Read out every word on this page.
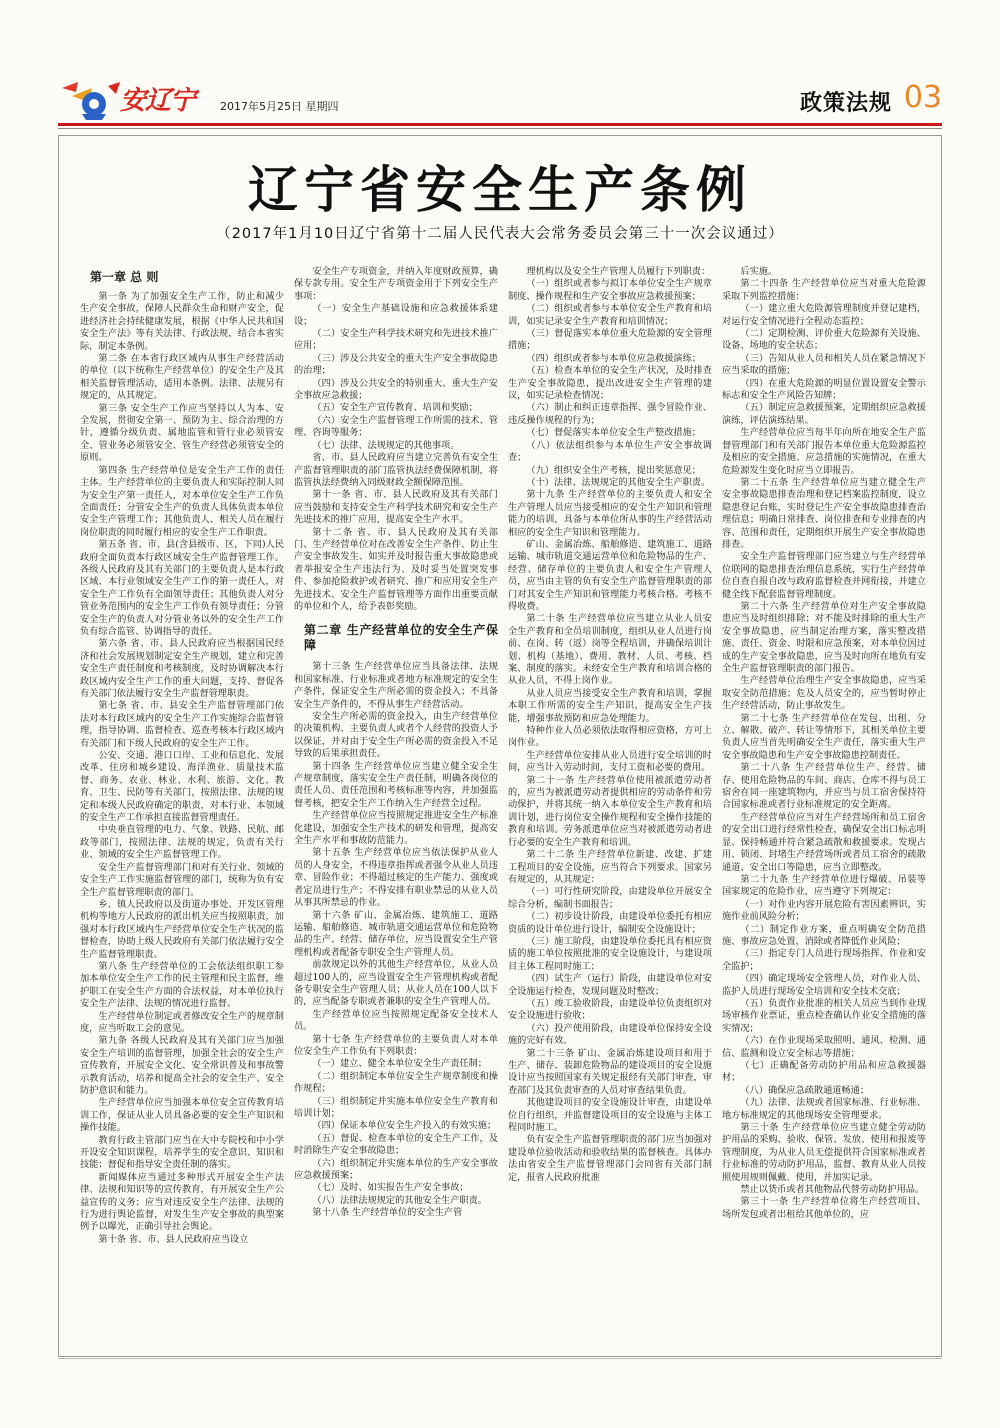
安辽宁 2017年5月25日 星期四	政策法规 03
辽宁省安全生产条例
（2017年1月10日辽宁省第十二届人民代表大会常务委员会第三十一次会议通过）
第一章 总 则

第一条 为了加强安全生产工作，防止和减少生产安全事故，保障人民群众生命和财产安全，促进经济社会持续健康发展，根据《中华人民共和国安全生产法》等有关法律、行政法规，结合本省实际，制定本条例。

第二条 在本省行政区域内从事生产经营活动的单位（以下统称生产经营单位）的安全生产及其相关监督管理活动，适用本条例。法律、法规另有规定的，从其规定。

第三条 安全生产工作应当坚持以人为本、安全发展，贯彻安全第一、预防为主、综合治理的方针，遵循分级负责、属地监管和管行业必须管安全、管业务必须管安全、管生产经营必须管安全的原则。

第四条 生产经营单位是安全生产工作的责任主体。生产经营单位的主要负责人和实际控制人同为安全生产第一责任人，对本单位安全生产工作负全面责任；分管安全生产的负责人具体负责本单位安全生产管理工作；其他负责人、相关人员在履行岗位职责的同时履行相应的安全生产工作职责。

第五条 省、市、县(含县级市、区，下同)人民政府全面负责本行政区域安全生产监督管理工作。各级人民政府及其有关部门的主要负责人是本行政区域、本行业领域安全生产工作的第一责任人，对安全生产工作负有全面领导责任；其他负责人对分管业务范围内的安全生产工作负有领导责任；分管安全生产的负责人对分管业务以外的安全生产工作负有综合监管、协调指导的责任。

第六条 省、市、县人民政府应当根据国民经济和社会发展规划制定安全生产规划，建立和完善安全生产责任制度和考核制度，及时协调解决本行政区域内安全生产工作的重大问题，支持、督促各有关部门依法履行安全生产监督管理职责。

第七条 省、市、县安全生产监督管理部门依法对本行政区域内的安全生产工作实施综合监督管理，指导协调、监督检查、巡查考核本行政区域内有关部门和下级人民政府的安全生产工作。

公安、交通、港口口岸、工业和信息化、发展改革、住房和城乡建设、海洋渔业、质量技术监督、商务、农业、林业、水利、旅游、文化、教育、卫生、民防等有关部门，按照法律、法规的规定和本级人民政府确定的职责，对本行业、本领域的安全生产工作承担直接监督管理责任。

中央垂直管理的电力、气象、铁路、民航、邮政等部门，按照法律、法规的规定，负责有关行业、领域的安全生产监督管理工作。

安全生产监督管理部门和对有关行业、领域的安全生产工作实施监督管理的部门，统称为负有安全生产监督管理职责的部门。

乡、镇人民政府以及街道办事处、开发区管理机构等地方人民政府的派出机关应当按照职责，加强对本行政区域内生产经营单位安全生产状况的监督检查，协助上级人民政府有关部门依法履行安全生产监督管理职责。

第八条 生产经营单位的工会依法组织职工参加本单位安全生产工作的民主管理和民主监督，维护职工在安全生产方面的合法权益，对本单位执行安全生产法律、法规的情况进行监督。

生产经营单位制定或者修改安全生产的规章制度，应当听取工会的意见。

第九条 各级人民政府及其有关部门应当加强安全生产培训的监督管理，加强全社会的安全生产宣传教育，开展安全文化、安全常识普及和事故警示教育活动，培养和提高全社会的安全生产、安全防护意识和能力。

生产经营单位应当加强本单位安全宣传教育培训工作，保证从业人员具备必要的安全生产知识和操作技能。

教育行政主管部门应当在大中专院校和中小学开设安全知识课程，培养学生的安全意识、知识和技能；督促和指导安全责任制的落实。

新闻媒体应当通过多种形式开展安全生产法律、法规和知识等的宣传教育，有开展安全生产公益宣传的义务；应当对违反安全生产法律、法规的行为进行舆论监督，对发生生产安全事故的典型案例予以曝光，正确引导社会舆论。

第十条 省、市、县人民政府应当设立

安全生产专项资金，并纳入年度财政预算，确保专款专用。安全生产专项资金用于下列安全生产事项：

（一）安全生产基础设施和应急救援体系建设；

（二）安全生产科学技术研究和先进技术推广应用；

（三）涉及公共安全的重大生产安全事故隐患的治理；

（四）涉及公共安全的特别重大、重大生产安全事故应急救援；

（五）安全生产宣传教育、培训和奖励；

（六）安全生产监督管理工作所需的技术、管理、咨询等服务；

（七）法律、法规规定的其他事项。

省、市、县人民政府应当建立完善负有安全生产监督管理职责的部门监管执法经费保障机制，将监管执法经费纳入同级财政全额保障范围。

第十一条 省、市、县人民政府及其有关部门应当鼓励和支持安全生产科学技术研究和安全生产先进技术的推广应用，提高安全生产水平。

第十二条 省、市、县人民政府及其有关部门、生产经营单位对在改善安全生产条件、防止生产安全事故发生、如实并及时报告重大事故隐患或者举报安全生产违法行为、及时妥当处置突发事件、参加抢险救护或者研究、推广和应用安全生产先进技术、安全生产监督管理等方面作出重要贡献的单位和个人，给予表彰奖励。

第二章 生产经营单位的安全生产保障

第十三条 生产经营单位应当具备法律、法规和国家标准、行业标准或者地方标准规定的安全生产条件，保证安全生产所必需的资金投入；不具备安全生产条件的，不得从事生产经营活动。

安全生产所必需的资金投入，由生产经营单位的决策机构、主要负责人或者个人经营的投资人予以保证，并对由于安全生产所必需的资金投入不足导致的后果承担责任。

第十四条 生产经营单位应当建立健全安全生产规章制度，落实安全生产责任制，明确各岗位的责任人员、责任范围和考核标准等内容，并加强监督考核，把安全生产工作纳入生产经营全过程。

生产经营单位应当按照规定推进安全生产标准化建设，加强安全生产技术的研发和管理，提高安全生产水平和事故防范能力。

第十五条 生产经营单位应当依法保护从业人员的人身安全，不得违章指挥或者强令从业人员违章、冒险作业；不得超过核定的生产能力、强度或者定员进行生产；不得安排有职业禁忌的从业人员从事其所禁忌的作业。

第十六条 矿山、金属冶炼、建筑施工、道路运输、船舶修造、城市轨道交通运营单位和危险物品的生产、经营、储存单位，应当设置安全生产管理机构或者配备专职安全生产管理人员。

前款规定以外的其他生产经营单位，从业人员超过100人的，应当设置安全生产管理机构或者配备专职安全生产管理人员；从业人员在100人以下的，应当配备专职或者兼职的安全生产管理人员。

生产经营单位应当按照规定配备安全技术人员。

第十七条 生产经营单位的主要负责人对本单位安全生产工作负有下列职责：

（一）建立、健全本单位安全生产责任制；

（二）组织制定本单位安全生产规章制度和操作规程；

（三）组织制定并实施本单位安全生产教育和培训计划；

（四）保证本单位安全生产投入的有效实施；

（五）督促、检查本单位的安全生产工作，及时消除生产安全事故隐患；

（六）组织制定并实施本单位的生产安全事故应急救援预案；

（七）及时、如实报告生产安全事故；

（八）法律法规规定的其他安全生产职责。

第十八条 生产经营单位的安全生产管

理机构以及安全生产管理人员履行下列职责：

（一）组织或者参与拟订本单位安全生产规章制度、操作规程和生产安全事故应急救援预案；

（二）组织或者参与本单位安全生产教育和培训，如实记录安全生产教育和培训情况；

（三）督促落实本单位重大危险源的安全管理措施；

（四）组织或者参与本单位应急救援演练；

（五）检查本单位的安全生产状况，及时排查生产安全事故隐患，提出改进安全生产管理的建议，如实记录检查情况；

（六）制止和纠正违章指挥、强令冒险作业、违反操作规程的行为；

（七）督促落实本单位安全生产整改措施；

（八）依法组织参与本单位生产安全事故调查；

（九）组织安全生产考核，提出奖惩意见；

（十）法律、法规规定的其他安全生产职责。

第十九条 生产经营单位的主要负责人和安全生产管理人员应当接受相应的安全生产知识和管理能力的培训，具备与本单位所从事的生产经营活动相应的安全生产知识和管理能力。

矿山、金属冶炼、船舶修造、建筑施工、道路运输、城市轨道交通运营单位和危险物品的生产、经营、储存单位的主要负责人和安全生产管理人员，应当由主管的负有安全生产监督管理职责的部门对其安全生产知识和管理能力考核合格。考核不得收费。

第二十条 生产经营单位应当建立从业人员安全生产教育和全员培训制度，组织从业人员进行岗前、在岗、转（返）岗等全程培训，并确保培训计划、机构（基地）、费用、教材、人员、考核、档案、制度的落实。未经安全生产教育和培训合格的从业人员，不得上岗作业。

从业人员应当接受安全生产教育和培训，掌握本职工作所需的安全生产知识，提高安全生产技能，增强事故预防和应急处理能力。

特种作业人员必须依法取得相应资格，方可上岗作业。

生产经营单位安排从业人员进行安全培训的时间，应当计入劳动时间，支付工资和必要的费用。

第二十一条 生产经营单位使用被派遣劳动者的，应当为被派遣劳动者提供相应的劳动条件和劳动保护，并将其统一纳入本单位安全生产教育和培训计划，进行岗位安全操作规程和安全操作技能的教育和培训。劳务派遣单位应当对被派遣劳动者进行必要的安全生产教育和培训。

第二十二条 生产经营单位新建、改建、扩建工程项目的安全设施，应当符合下列要求。国家另有规定的，从其规定：

（一）可行性研究阶段，由建设单位开展安全综合分析，编制书面报告；

（二）初步设计阶段，由建设单位委托有相应资质的设计单位进行设计，编制安全设施设计；

（三）施工阶段，由建设单位委托具有相应资质的施工单位按照批准的安全设施设计，与建设项目主体工程同时施工；

（四）试生产（运行）阶段，由建设单位对安全设施运行检查，发现问题及时整改；

（五）竣工验收阶段，由建设单位负责组织对安全设施进行验收；

（六）投产使用阶段，由建设单位保持安全设施的完好有效。

第二十三条 矿山、金属冶炼建设项目和用于生产、储存、装卸危险物品的建设项目的安全设施设计应当按照国家有关规定报经有关部门审查，审查部门及其负责审查的人员对审查结果负责。

其他建设项目的安全设施设计审查，由建设单位自行组织，并监督建设项目的安全设施与主体工程同时施工。

负有安全生产监督管理职责的部门应当加强对建设单位验收活动和验收结果的监督核查。具体办法由省安全生产监督管理部门会同省有关部门制定，报省人民政府批准

后实施。

第二十四条 生产经营单位应当对重大危险源采取下列监控措施：

（一）建立重大危险源管理制度并登记建档，对运行安全情况进行全程动态监控；

（二）定期检测、评价重大危险源有关设施、设备、场地的安全状态；

（三）告知从业人员和相关人员在紧急情况下应当采取的措施；

（四）在重大危险源的明显位置设置安全警示标志和安全生产风险告知牌；

（五）制定应急救援预案，定期组织应急救援演练，评估演练结果。

生产经营单位应当每半年向所在地安全生产监督管理部门和有关部门报告本单位重大危险源监控及相应的安全措施、应急措施的实施情况，在重大危险源发生变化时应当立即报告。

第二十五条 生产经营单位应当建立健全生产安全事故隐患排查治理和登记档案监控制度，设立隐患登记台账，实时登记生产安全事故隐患排查治理信息；明确日常排查、岗位排查和专业排查的内容、范围和责任，定期组织开展生产安全事故隐患排查。

安全生产监督管理部门应当建立与生产经营单位联网的隐患排查治理信息系统，实行生产经营单位自查自报自改与政府监督检查并网衔接，并建立健全线下配套监督管理制度。

第二十六条 生产经营单位对生产安全事故隐患应当及时组织排除；对不能及时排除的重大生产安全事故隐患，应当制定治理方案，落实整改措施、责任、资金、时限和应急预案，对本单位因过成的生产安全事故隐患，应当及时向所在地负有安全生产监督管理职责的部门报告。

生产经营单位治理生产安全事故隐患，应当采取安全防范措施；危及人员安全的，应当暂时停止生产经营活动，防止事故发生。

第二十七条 生产经营单位在发包、出租、分立、解散、破产、转让等情形下，其相关单位主要负责人应当首先明确安全生产责任，落实重大生产安全事故隐患和生产安全事故隐患控制责任。

第二十八条 生产经营单位生产、经营、储存、使用危险物品的车间、商店、仓库不得与员工宿舍在同一座建筑物内，并应当与员工宿舍保持符合国家标准或者行业标准规定的安全距离。

生产经营单位应当对生产经营场所和员工宿舍的安全出口进行经常性检查，确保安全出口标志明显、保持畅通并符合紧急疏散和救援要求。发现占用、锁闭、封堵生产经营场所或者员工宿舍的疏散通道、安全出口等隐患，应当立即整改。

第二十九条 生产经营单位进行爆破、吊装等国家规定的危险作业，应当遵守下列规定：

（一）对作业内容开展危险有害因素辨识，实施作业前风险分析；

（二）制定作业方案，重点明确安全防范措施、事故应急处置，消除或者降低作业风险；

（三）指定专门人员进行现场指挥、作业和安全监护；

（四）确定现场安全管理人员，对作业人员、监护人员进行现场安全培训和安全技术交底；

（五）负责作业批准的相关人员应当到作业现场审核作业票证，重点检查确认作业安全措施的落实情况；

（六）在作业现场采取照明、通风、检测、通信、监测和设立安全标志等措施；

（七）正确配备劳动防护用品和应急救援器材；

（八）确保应急疏散通道畅通；

（九）法律、法规或者国家标准、行业标准、地方标准规定的其他现场安全管理要求。

第三十条 生产经营单位应当建立健全劳动防护用品的采购、验收、保管、发放、使用和报废等管理制度，为从业人员无偿提供符合国家标准或者行业标准的劳动防护用品，监督、教育从业人员按照使用规则佩戴、使用，并加实记录。

禁止以货币或者其他物品代替劳动防护用品。

第三十一条 生产经营单位将生产经营项目、场所发包或者出租给其他单位的，应
